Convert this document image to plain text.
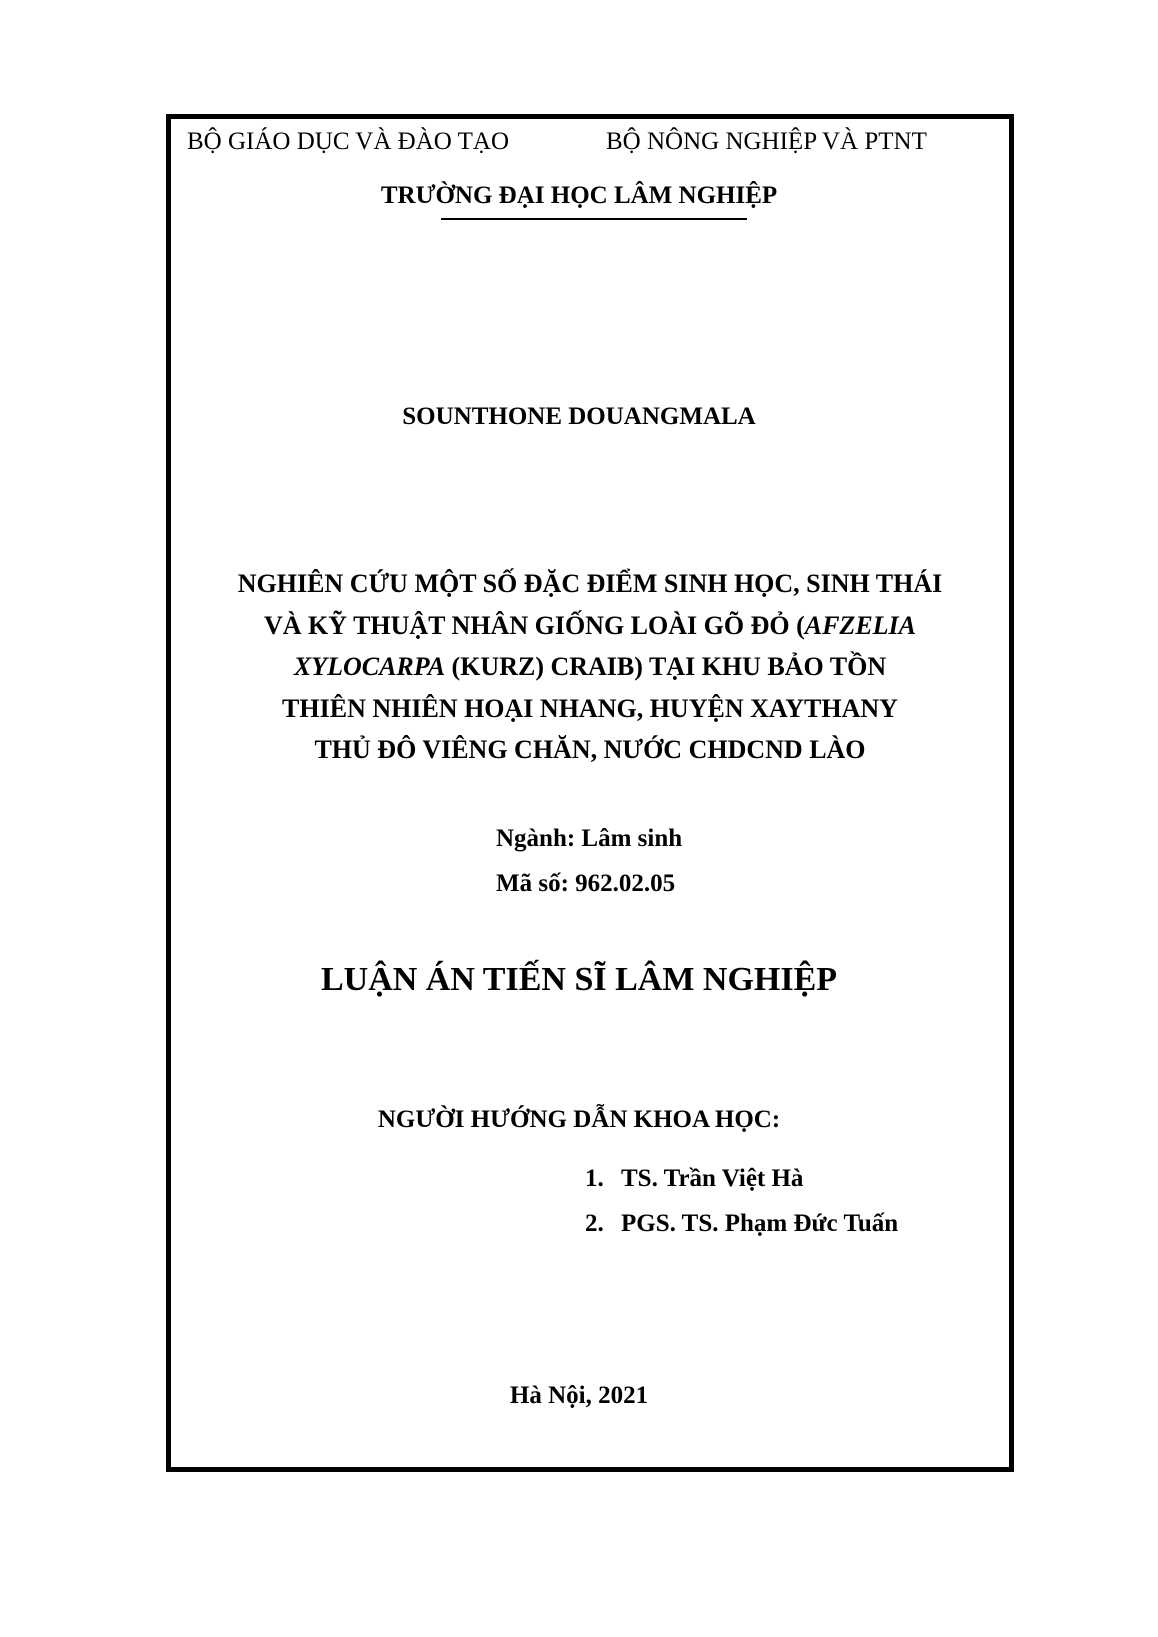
BỘ GIÁO DỤC VÀ ĐÀO TẠO	BỘ NÔNG NGHIỆP VÀ PTNT
TRƯỜNG ĐẠI HỌC LÂM NGHIỆP
SOUNTHONE DOUANGMALA
NGHIÊN CỨU MỘT SỐ ĐẶC ĐIỂM SINH HỌC, SINH THÁI
VÀ KỸ THUẬT NHÂN GIỐNG LOÀI GÕ ĐỎ (AFZELIA
XYLOCARPA (KURZ) CRAIB) TẠI KHU BẢO TỒN
THIÊN NHIÊN HOẠI NHANG, HUYỆN XAYTHANY
THỦ ĐÔ VIÊNG CHĂN, NƯỚC CHDCND LÀO
Ngành: Lâm sinh
Mã số: 962.02.05
LUẬN ÁN TIẾN SĨ LÂM NGHIỆP
NGƯỜI HƯỚNG DẪN KHOA HỌC:
1. TS. Trần Việt Hà
2. PGS. TS. Phạm Đức Tuấn
Hà Nội, 2021
